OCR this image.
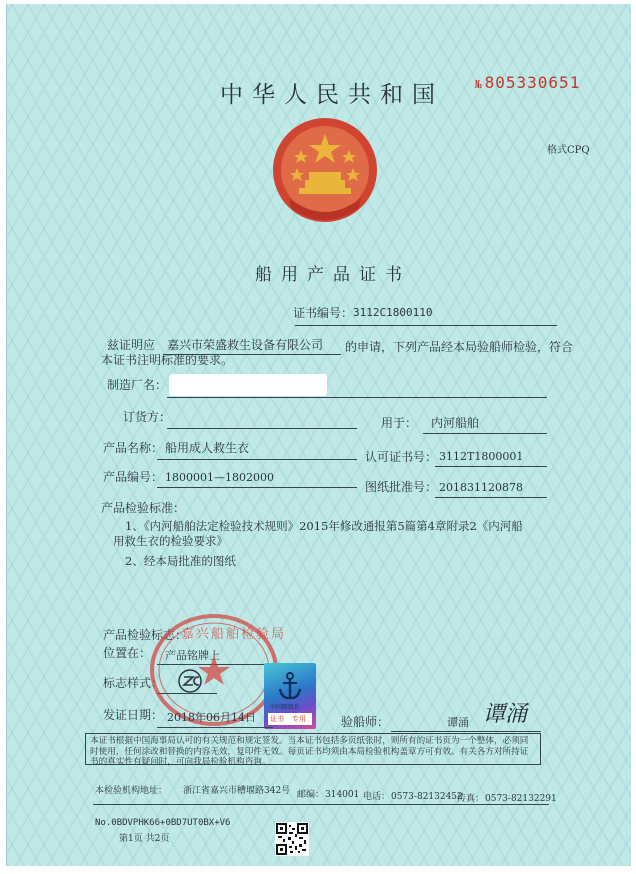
中华人民共和国	№ 805330651
格式CPQ
船用产品证书
证书编号： 3112C1800110
兹证明应 嘉兴市荣盛救生设备有限公司 的申请，下列产品经本局验船师检验，符合
本证书注明标准的要求。
制造厂名：
订货方：	用于： 内河船舶
产品名称： 船用成人救生衣
认可证书号： 3112T1800001
产品编号： 1800001—1802000
图纸批准号： 201831120878
产品检验标准：
1、《内河船舶法定检验技术规则》2015年修改通报第5篇第4章附录2《内河船
用救生衣的检验要求》
2、经本局批准的图纸
产品检验标志：
位置在： 产品铭牌上
标志样式：
嘉兴船舶检验局
中国船级社
证书 专用
发证日期： 2018年06月14日	验船师：	谭涌 谭涌
本证书根据中国海事局认可的有关规范和规定签发。当本证书包括多页纸张时，则所有的证书页为一个整体，必须同时使用，任何涂改和替换的内容无效，复印件无效。每页证书均须由本局检验机构盖章方可有效。有关各方对所持证书的真实性有疑问时，可向我局检验机构咨询。
本检验机构地址： 浙江省嘉兴市槽堰路342号 邮编： 314001 电话： 0573-82132452
传真： 0573-82132291
No.0BDVPHK66+0BD7UT0BX+V6
第1页 共2页
